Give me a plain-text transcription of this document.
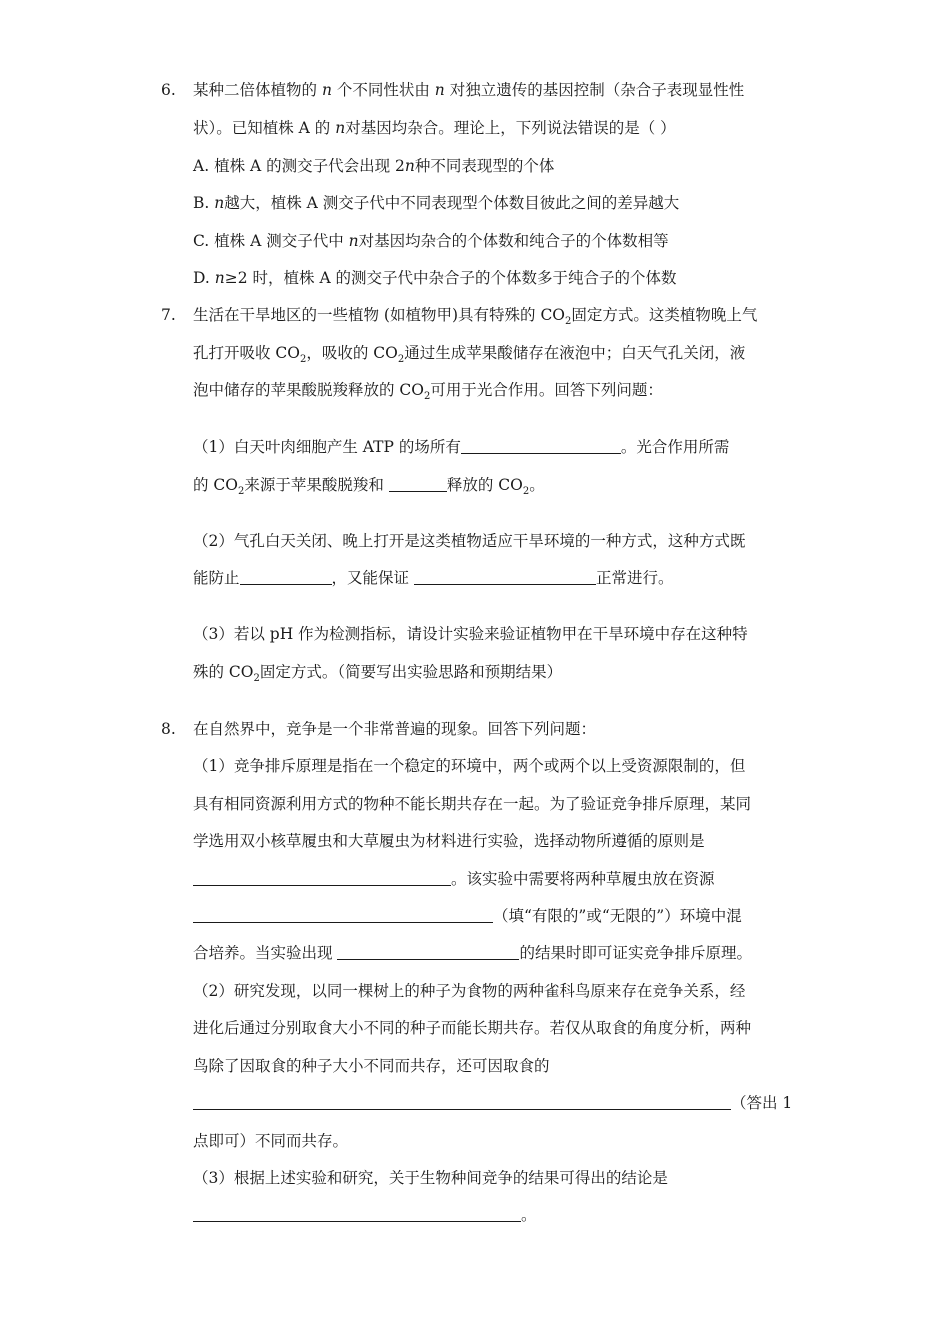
6. 某种二倍体植物的 n 个不同性状由 n 对独立遗传的基因控制（杂合子表现显性性
状）。已知植株 A 的 n对基因均杂合。理论上，下列说法错误的是（ ）
A. 植株 A 的测交子代会出现 2n种不同表现型的个体
B. n越大，植株 A 测交子代中不同表现型个体数目彼此之间的差异越大
C. 植株 A 测交子代中 n对基因均杂合的个体数和纯合子的个体数相等
D. n≥2 时，植株 A 的测交子代中杂合子的个体数多于纯合子的个体数
7. 生活在干旱地区的一些植物 (如植物甲)具有特殊的 $CO_2$固定方式。这类植物晚上气
孔打开吸收 $CO_2$，吸收的 $CO_2$通过生成苹果酸储存在液泡中；白天气孔关闭，液
泡中储存的苹果酸脱羧释放的 $CO_2$可用于光合作用。回答下列问题：
（1）白天叶肉细胞产生 ATP 的场所有	。光合作用所需
的 $CO_2$来源于苹果酸脱羧和	释放的 $CO_2$。
（2）气孔白天关闭、晚上打开是这类植物适应干旱环境的一种方式，这种方式既
能防止	，又能保证	正常进行。
（3）若以 pH 作为检测指标，请设计实验来验证植物甲在干旱环境中存在这种特
殊的 $CO_2$固定方式。（简要写出实验思路和预期结果）
8. 在自然界中，竞争是一个非常普遍的现象。回答下列问题：
（1）竞争排斥原理是指在一个稳定的环境中，两个或两个以上受资源限制的，但
具有相同资源利用方式的物种不能长期共存在一起。为了验证竞争排斥原理，某同
学选用双小核草履虫和大草履虫为材料进行实验，选择动物所遵循的原则是
。该实验中需要将两种草履虫放在资源
（填“有限的”或“无限的”）环境中混
合培养。当实验出现	的结果时即可证实竞争排斥原理。
（2）研究发现，以同一棵树上的种子为食物的两种雀科鸟原来存在竞争关系，经
进化后通过分别取食大小不同的种子而能长期共存。若仅从取食的角度分析，两种
鸟除了因取食的种子大小不同而共存，还可因取食的
（答出 1
点即可）不同而共存。
（3）根据上述实验和研究，关于生物种间竞争的结果可得出的结论是
。
